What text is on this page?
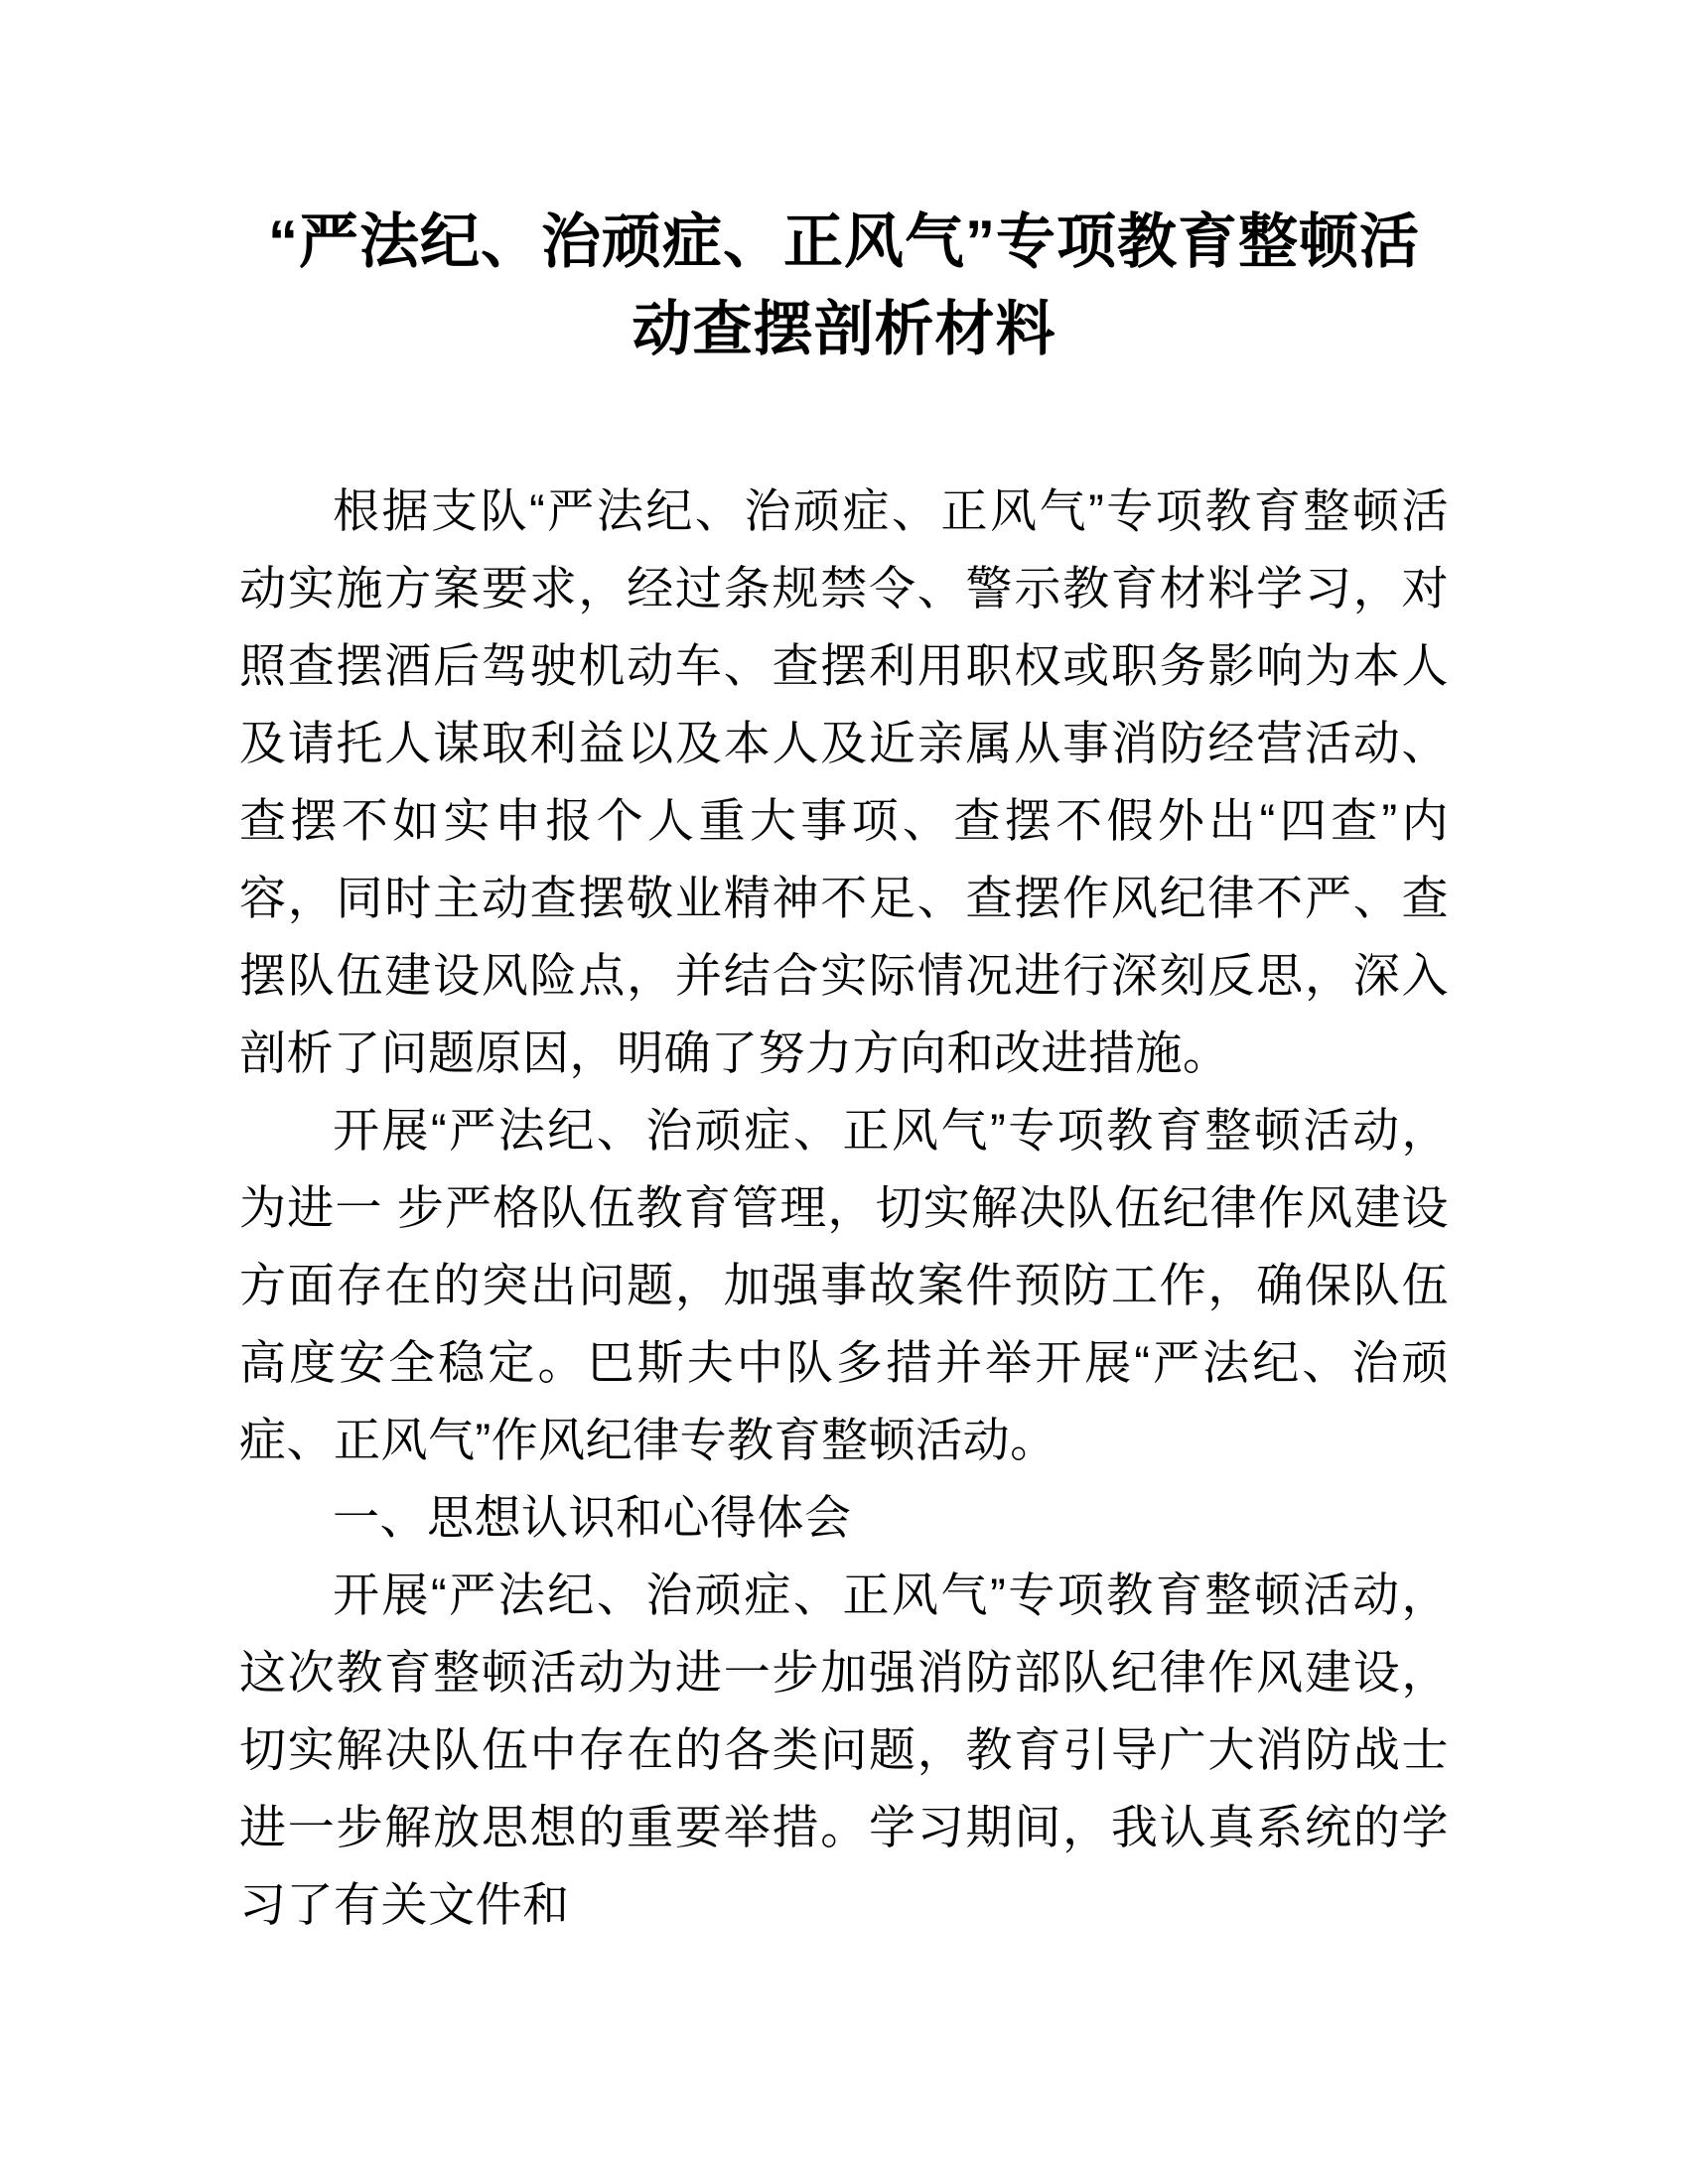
“严法纪、治顽症、正风气”专项教育整顿活动查摆剖析材料

根据支队“严法纪、治顽症、正风气”专项教育整顿活动实施方案要求，经过条规禁令、警示教育材料学习，对照查摆酒后驾驶机动车、查摆利用职权或职务影响为本人及请托人谋取利益以及本人及近亲属从事消防经营活动、查摆不如实申报个人重大事项、查摆不假外出“四查”内容，同时主动查摆敬业精神不足、查摆作风纪律不严、查摆队伍建设风险点，并结合实际情况进行深刻反思，深入剖析了问题原因，明确了努力方向和改进措施。

开展“严法纪、治顽症、正风气”专项教育整顿活动，为进一 步严格队伍教育管理，切实解决队伍纪律作风建设方面存在的突出问题，加强事故案件预防工作，确保队伍高度安全稳定。巴斯夫中队多措并举开展“严法纪、治顽症、正风气”作风纪律专教育整顿活动。

一、思想认识和心得体会

开展“严法纪、治顽症、正风气”专项教育整顿活动，这次教育整顿活动为进一步加强消防部队纪律作风建设，切实解决队伍中存在的各类问题，教育引导广大消防战士进一步解放思想的重要举措。学习期间，我认真系统的学习了有关文件和
